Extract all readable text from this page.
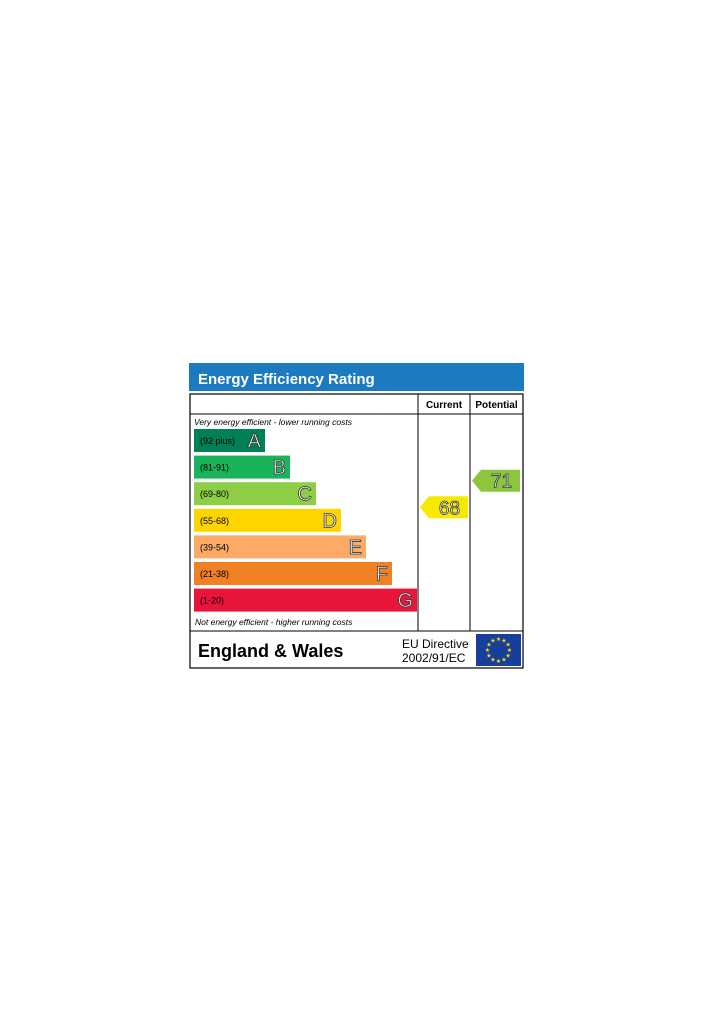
Energy Efficiency Rating
Current Potential
Very energy efficient - lower running costs
Not energy efficient - higher running costs
(92 plus) A
(81-91) B
(69-80)	C
(55-68)	D
(39-54)	E
(21-38)	F
(1-20)	G
68
71
England & Wales	EU Directive
2002/91/EC
★ ★
★
★
★
★
★
★
★
★
★
★
